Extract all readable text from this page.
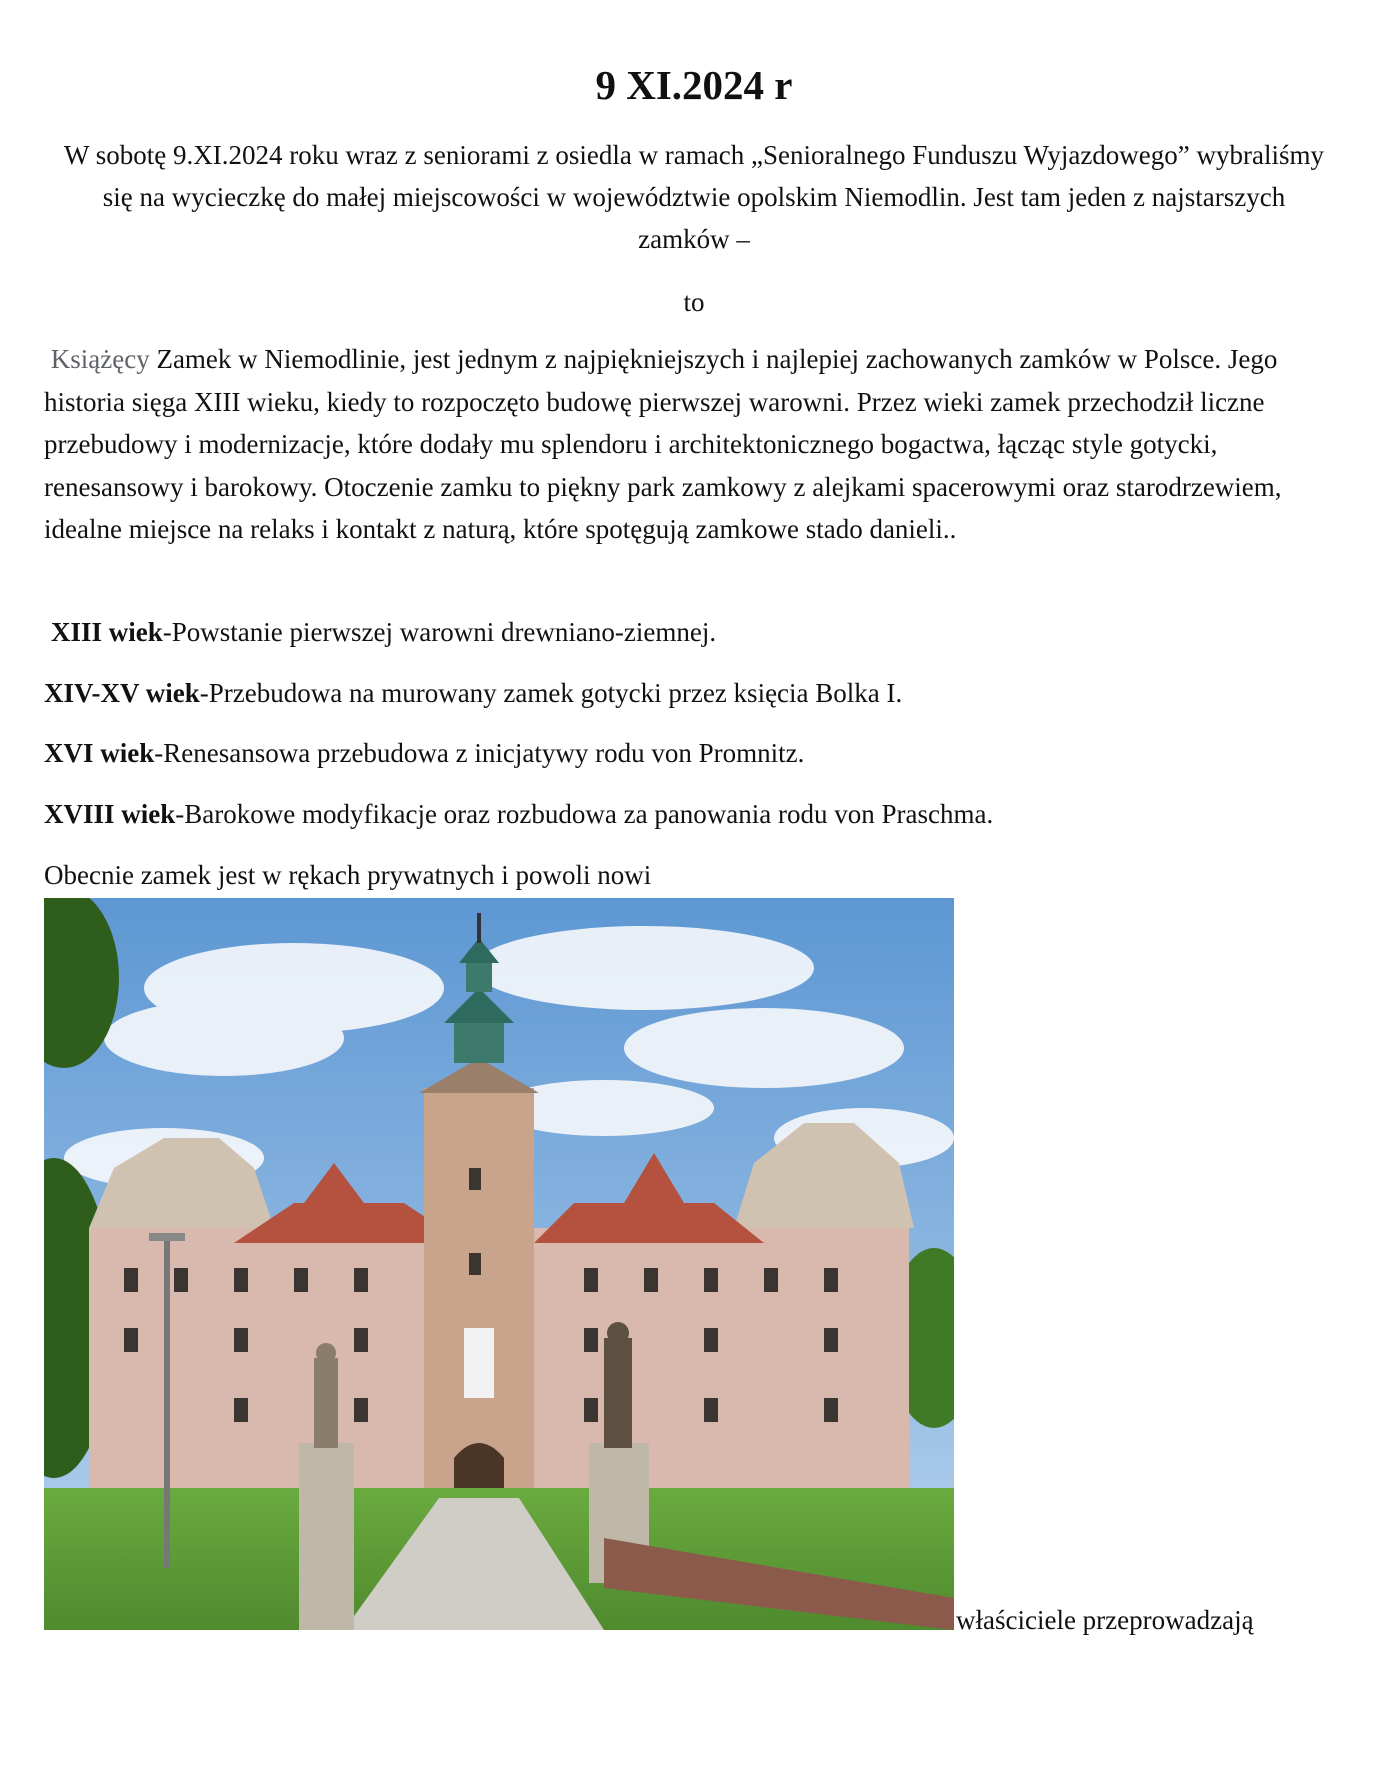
9 XI.2024 r

W sobotę 9.XI.2024 roku wraz z seniorami z osiedla w ramach „Senioralnego Funduszu Wyjazdowego” wybraliśmy się na wycieczkę do małej miejscowości w województwie opolskim Niemodlin. Jest tam jeden z najstarszych zamków –

to

Książęcy Zamek w Niemodlinie, jest jednym z najpiękniejszych i najlepiej zachowanych zamków w Polsce. Jego historia sięga XIII wieku, kiedy to rozpoczęto budowę pierwszej warowni. Przez wieki zamek przechodził liczne przebudowy i modernizacje, które dodały mu splendoru i architektonicznego bogactwa, łącząc style gotycki, renesansowy i barokowy. Otoczenie zamku to piękny park zamkowy z alejkami spacerowymi oraz starodrzewiem, idealne miejsce na relaks i kontakt z naturą, które spotęgują zamkowe stado danieli..

XIII wiek-Powstanie pierwszej warowni drewniano-ziemnej.

XIV-XV wiek-Przebudowa na murowany zamek gotycki przez księcia Bolka I.

XVI wiek-Renesansowa przebudowa z inicjatywy rodu von Promnitz.

XVIII wiek-Barokowe modyfikacje oraz rozbudowa za panowania rodu von Praschma.

Obecnie zamek jest w rękach prywatnych i powoli nowi

właściciele przeprowadzają
